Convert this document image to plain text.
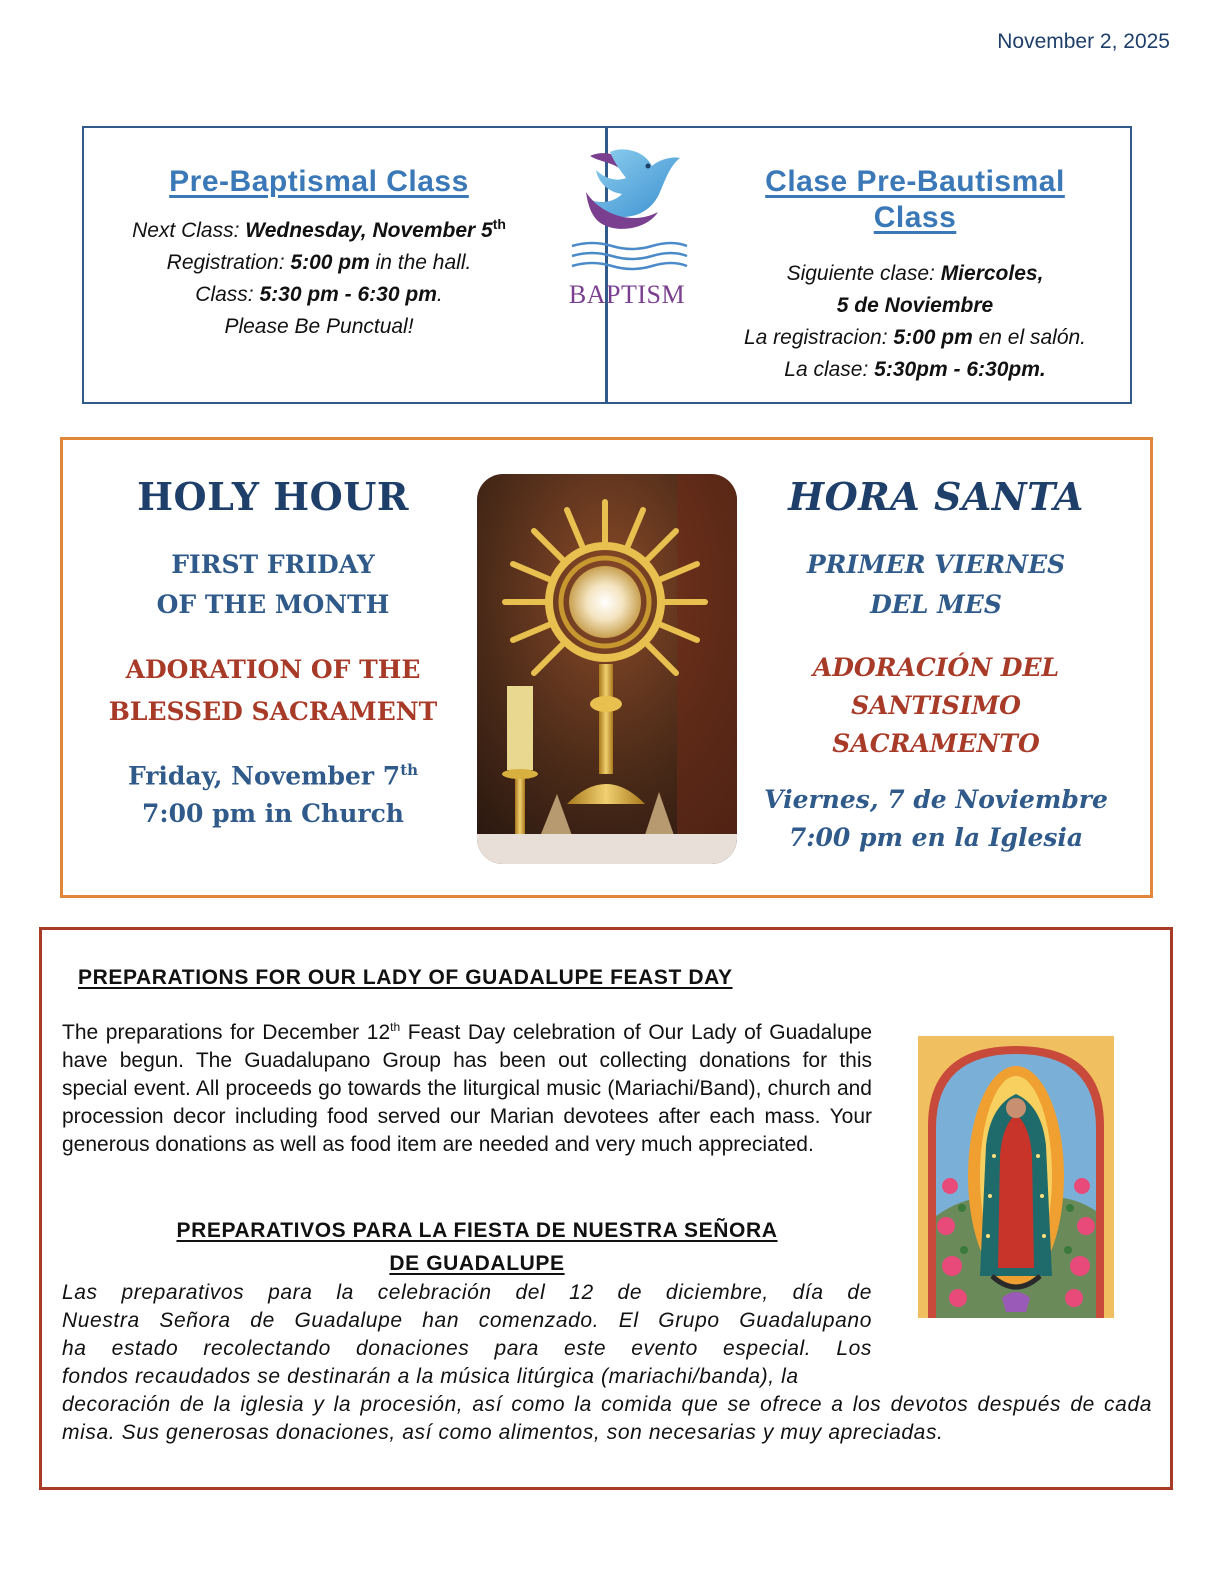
November 2, 2025
Pre-Baptismal Class
Next Class: Wednesday, November 5th
Registration: 5:00 pm in the hall.
Class: 5:30 pm - 6:30 pm.
Please Be Punctual!
BAPTISM
Clase Pre-Bautismal
Class
Siguiente clase: Miercoles,
5 de Noviembre
La registracion: 5:00 pm en el salón.
La clase: 5:30pm - 6:30pm.
HOLY HOUR
FIRST FRIDAY
OF THE MONTH
ADORATION OF THE
BLESSED SACRAMENT
Friday, November 7th
7:00 pm in Church
HORA SANTA
PRIMER VIERNES
DEL MES
ADORACIÓN DEL
SANTISIMO SACRAMENTO
Viernes, 7 de Noviembre
7:00 pm en la Iglesia
PREPARATIONS FOR OUR LADY OF GUADALUPE FEAST DAY
The preparations for December 12th Feast Day celebration of Our Lady of Guadalupe have begun. The Guadalupano Group has been out collecting donations for this special event. All proceeds go towards the liturgical music (Mariachi/Band), church and procession decor including food served our Marian devotees after each mass. Your generous donations as well as food item are needed and very much appreciated.
PREPARATIVOS PARA LA FIESTA DE NUESTRA SEÑORA
DE GUADALUPE
Las preparativos para la celebración del 12 de diciembre, día de
Nuestra Señora de Guadalupe han comenzado. El Grupo Guadalupano
ha estado recolectando donaciones para este evento especial. Los
fondos recaudados se destinarán a la música litúrgica (mariachi/banda), la
decoración de la iglesia y la procesión, así como la comida que se ofrece a los devotos después de cada misa. Sus generosas donaciones, así como alimentos, son necesarias y muy apreciadas.
